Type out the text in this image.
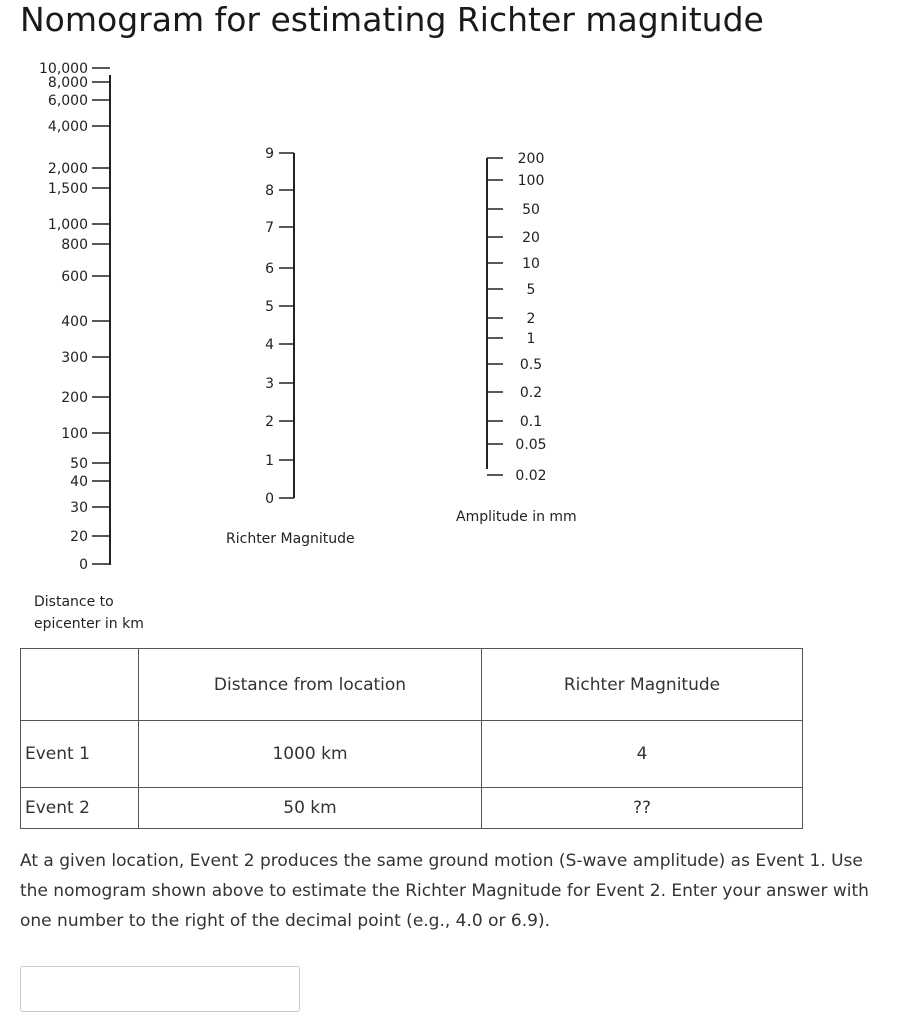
Nomogram for estimating Richter magnitude
10,000
8,000
6,000
4,000
2,000
1,500
1,000
800
600
400
300
200
100
50
40
30
20
0
Distance to
epicenter in km
9
8
7
6
5
4
3
2
1
0
Richter Magnitude
200
100
50
20
10
5
2
1
0.5
0.2
0.1
0.05
0.02
Amplitude in mm
	Distance from location	Richter Magnitude
Event 1	1000 km	4
Event 2	50 km	??
At a given location, Event 2 produces the same ground motion (S-wave amplitude) as Event 1. Use the nomogram shown above to estimate the Richter Magnitude for Event 2. Enter your answer with one number to the right of the decimal point (e.g., 4.0 or 6.9).
